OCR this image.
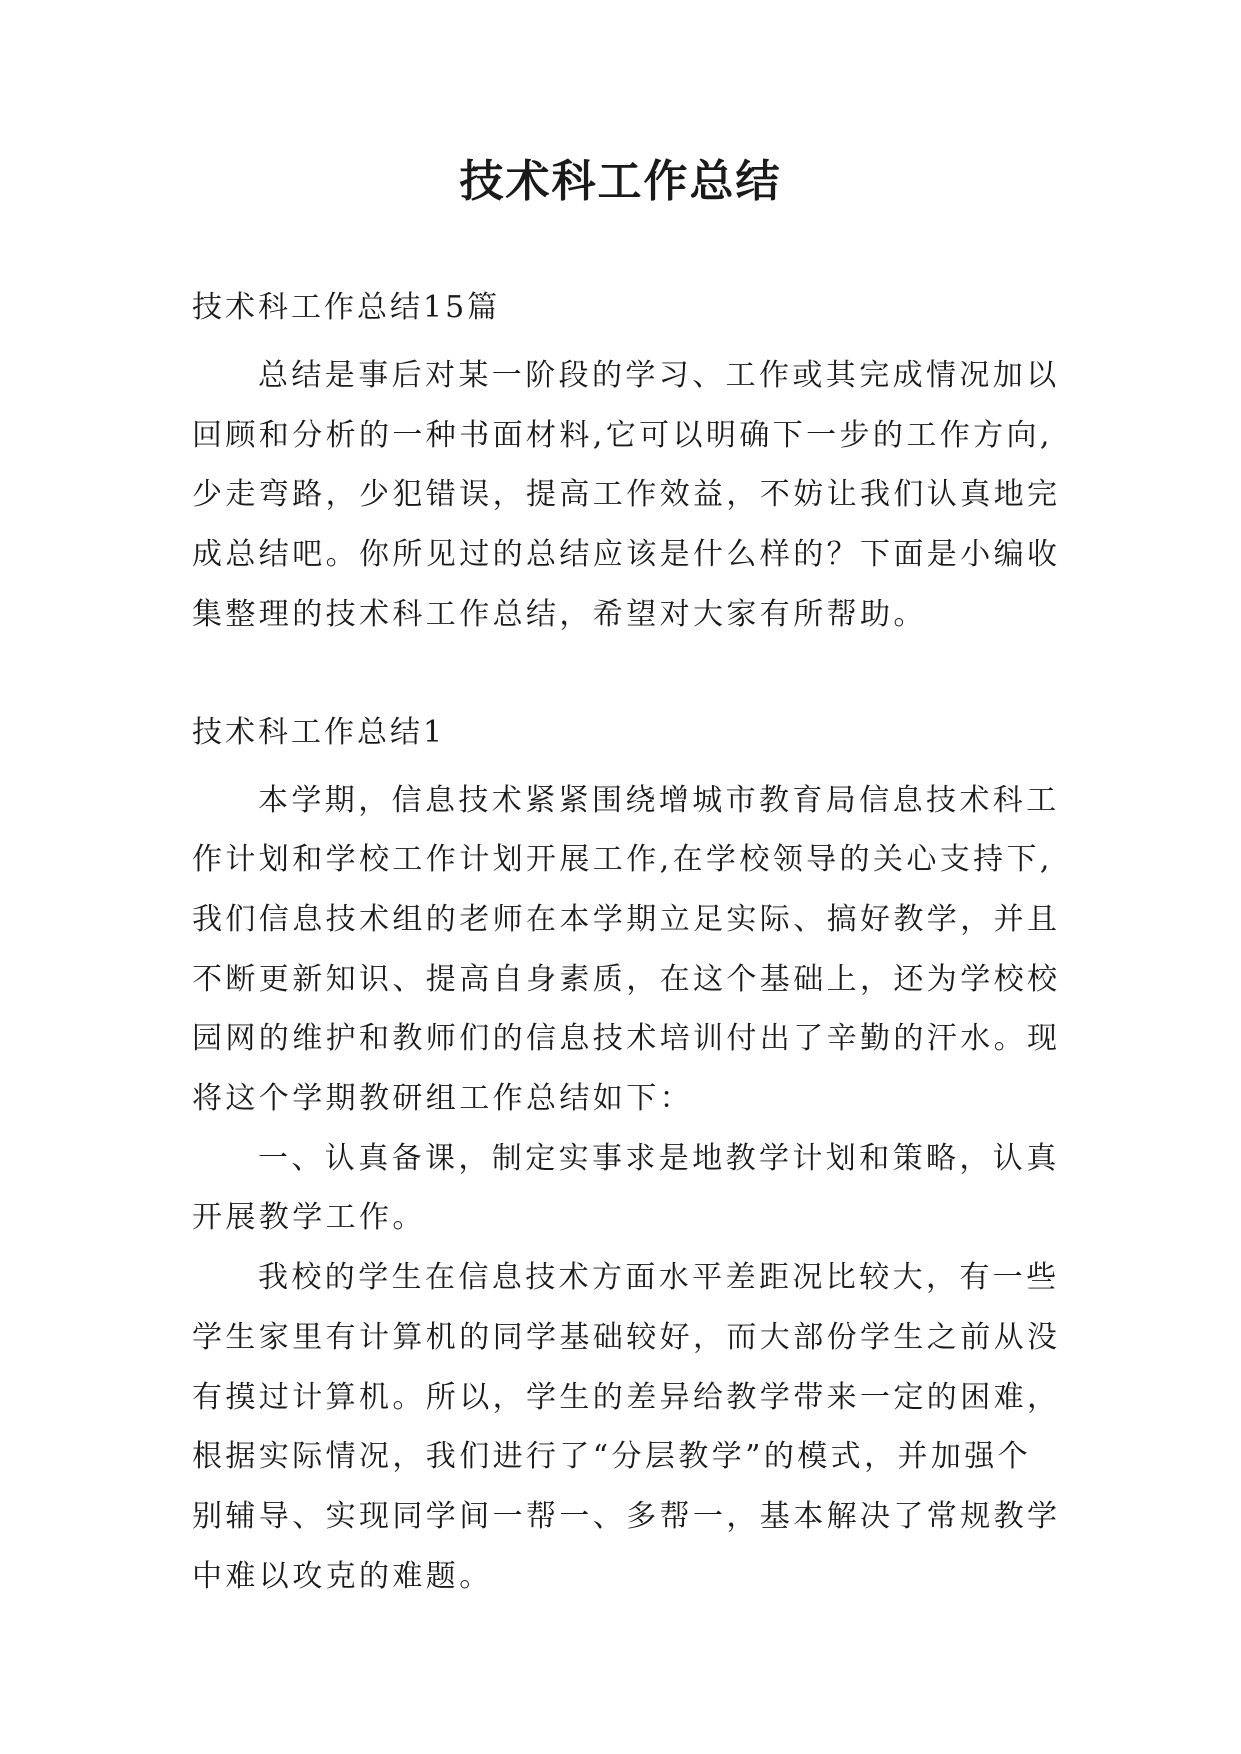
技术科工作总结

技术科工作总结15篇

总结是事后对某一阶段的学习、工作或其完成情况加以
回顾和分析的一种书面材料,它可以明确下一步的工作方向,
少走弯路，少犯错误，提高工作效益，不妨让我们认真地完
成总结吧。你所见过的总结应该是什么样的？下面是小编收
集整理的技术科工作总结，希望对大家有所帮助。

技术科工作总结1

本学期，信息技术紧紧围绕增城市教育局信息技术科工
作计划和学校工作计划开展工作,在学校领导的关心支持下,
我们信息技术组的老师在本学期立足实际、搞好教学，并且
不断更新知识、提高自身素质，在这个基础上，还为学校校
园网的维护和教师们的信息技术培训付出了辛勤的汗水。现
将这个学期教研组工作总结如下：

一、认真备课，制定实事求是地教学计划和策略，认真
开展教学工作。

我校的学生在信息技术方面水平差距况比较大，有一些
学生家里有计算机的同学基础较好，而大部份学生之前从没
有摸过计算机。所以，学生的差异给教学带来一定的困难，
根据实际情况，我们进行了“分层教学”的模式，并加强个
别辅导、实现同学间一帮一、多帮一，基本解决了常规教学
中难以攻克的难题。
